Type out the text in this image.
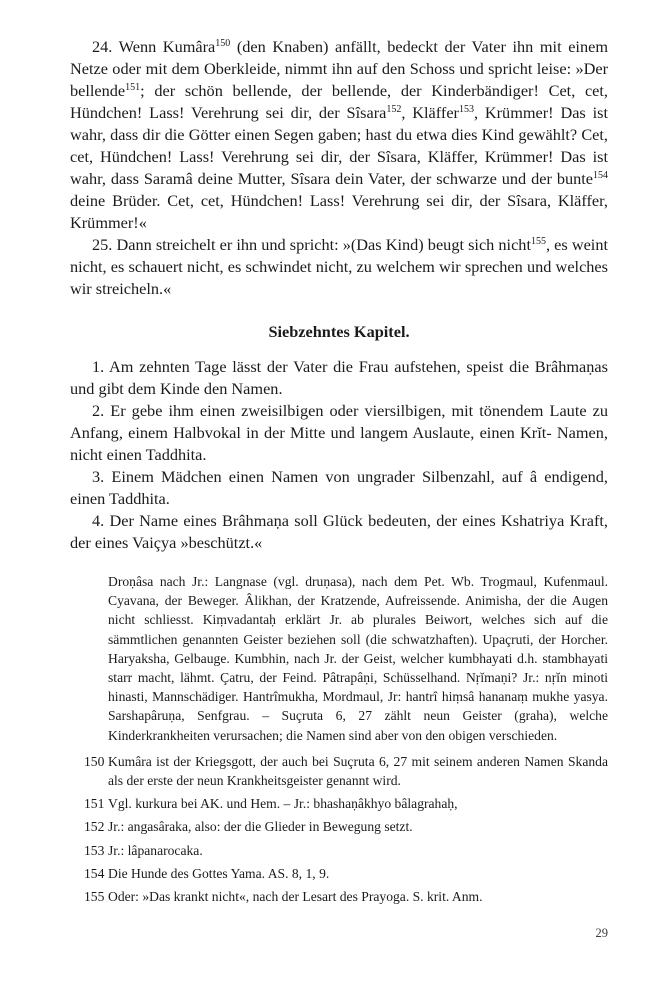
24. Wenn Kumâra$^{150}$ (den Knaben) anfällt, bedeckt der Vater ihn mit einem Netze oder mit dem Oberkleide, nimmt ihn auf den Schoss und spricht leise: »Der bellende$^{151}$; der schön bellende, der bellende, der Kinderbändiger! Cet, cet, Hündchen! Lass! Verehrung sei dir, der Sîsara$^{152}$, Kläffer$^{153}$, Krümmer! Das ist wahr, dass dir die Götter einen Segen gaben; hast du etwa dies Kind gewählt? Cet, cet, Hündchen! Lass! Verehrung sei dir, der Sîsara, Kläffer, Krümmer! Das ist wahr, dass Saramâ deine Mutter, Sîsara dein Vater, der schwarze und der bunte$^{154}$ deine Brüder. Cet, cet, Hündchen! Lass! Verehrung sei dir, der Sîsara, Kläffer, Krümmer!«

25. Dann streichelt er ihn und spricht: »(Das Kind) beugt sich nicht$^{155}$, es weint nicht, es schauert nicht, es schwindet nicht, zu welchem wir sprechen und welches wir streicheln.«

Siebzehntes Kapitel.

1. Am zehnten Tage lässt der Vater die Frau aufstehen, speist die Brâhmaṇas und gibt dem Kinde den Namen.

2. Er gebe ihm einen zweisilbigen oder viersilbigen, mit tönendem Laute zu Anfang, einem Halbvokal in der Mitte und langem Auslaute, einen Krĭt- Namen, nicht einen Taddhita.

3. Einem Mädchen einen Namen von ungrader Silbenzahl, auf â endigend, einen Taddhita.

4. Der Name eines Brâhmaṇa soll Glück bedeuten, der eines Kshatriya Kraft, der eines Vaiçya »beschützt.«

Droṇâsa nach Jr.: Langnase (vgl. druṇasa), nach dem Pet. Wb. Trogmaul, Kufenmaul. Cyavana, der Beweger. Âlikhan, der Kratzende, Aufreissende. Animisha, der die Augen nicht schliesst. Kiṃvadantaḥ erklärt Jr. ab plurales Beiwort, welches sich auf die sämmtlichen genannten Geister beziehen soll (die schwatzhaften). Upaçruti, der Horcher. Haryaksha, Gelbauge. Kumbhin, nach Jr. der Geist, welcher kumbhayati d.h. stambhayati starr macht, lähmt. Çatru, der Feind. Pâtrapâṇi, Schüsselhand. Nṛĭmaṇi? Jr.: nṛĭn minoti hinasti, Mannschädiger. Hantrîmukha, Mordmaul, Jr: hantrî hiṃsâ hananaṃ mukhe yasya. Sarshapâruṇa, Senfgrau. – Suçruta 6, 27 zählt neun Geister (graha), welche Kinderkrankheiten verursachen; die Namen sind aber von den obigen verschieden.

150 Kumâra ist der Kriegsgott, der auch bei Suçruta 6, 27 mit seinem anderen Namen Skanda als der erste der neun Krankheitsgeister genannt wird.

151 Vgl. kurkura bei AK. und Hem. – Jr.: bhashaṇâkhyo bâlagrahaḥ,

152 Jr.: angasâraka, also: der die Glieder in Bewegung setzt.

153 Jr.: lâpanarocaka.

154 Die Hunde des Gottes Yama. AS. 8, 1, 9.

155 Oder: »Das krankt nicht«, nach der Lesart des Prayoga. S. krit. Anm.

29
